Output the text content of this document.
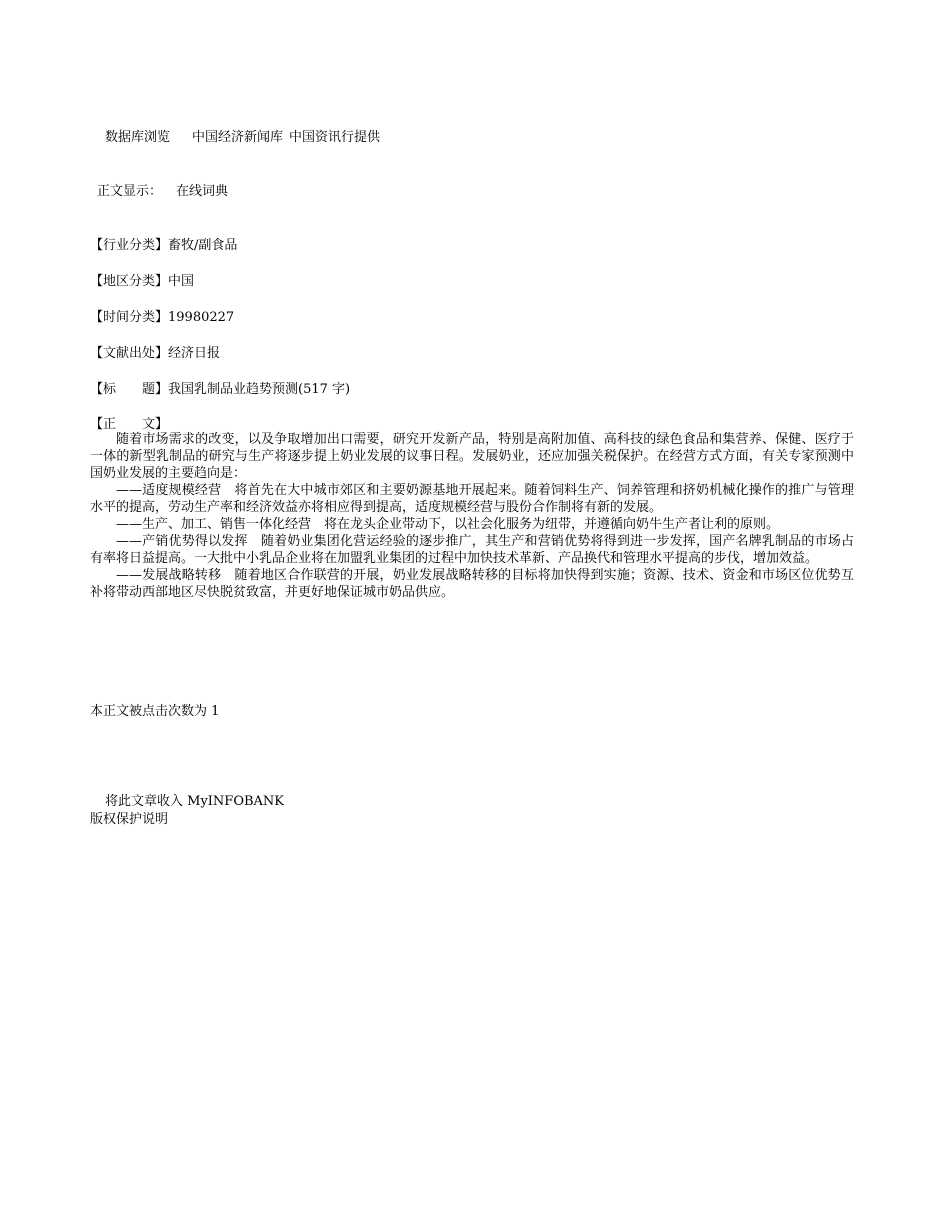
数据库浏览 中国经济新闻库 中国资讯行提供
正文显示： 在线词典
【行业分类】畜牧/副食品
【地区分类】中国
【时间分类】19980227
【文献出处】经济日报
【标　　题】我国乳制品业趋势预测(517 字)
【正　　文】

随着市场需求的改变，以及争取增加出口需要，研究开发新产品，特别是高附加值、高科技的绿色食品和集营养、保健、医疗于一体的新型乳制品的研究与生产将逐步提上奶业发展的议事日程。发展奶业，还应加强关税保护。在经营方式方面，有关专家预测中国奶业发展的主要趋向是：

——适度规模经营　将首先在大中城市郊区和主要奶源基地开展起来。随着饲料生产、饲养管理和挤奶机械化操作的推广与管理水平的提高，劳动生产率和经济效益亦将相应得到提高，适度规模经营与股份合作制将有新的发展。

——生产、加工、销售一体化经营　将在龙头企业带动下，以社会化服务为纽带，并遵循向奶牛生产者让利的原则。

——产销优势得以发挥　随着奶业集团化营运经验的逐步推广，其生产和营销优势将得到进一步发挥，国产名牌乳制品的市场占有率将日益提高。一大批中小乳品企业将在加盟乳业集团的过程中加快技术革新、产品换代和管理水平提高的步伐，增加效益。

——发展战略转移　随着地区合作联营的开展，奶业发展战略转移的目标将加快得到实施；资源、技术、资金和市场区位优势互补将带动西部地区尽快脱贫致富，并更好地保证城市奶品供应。

本正文被点击次数为 1
将此文章收入 MyINFOBANK
版权保护说明
